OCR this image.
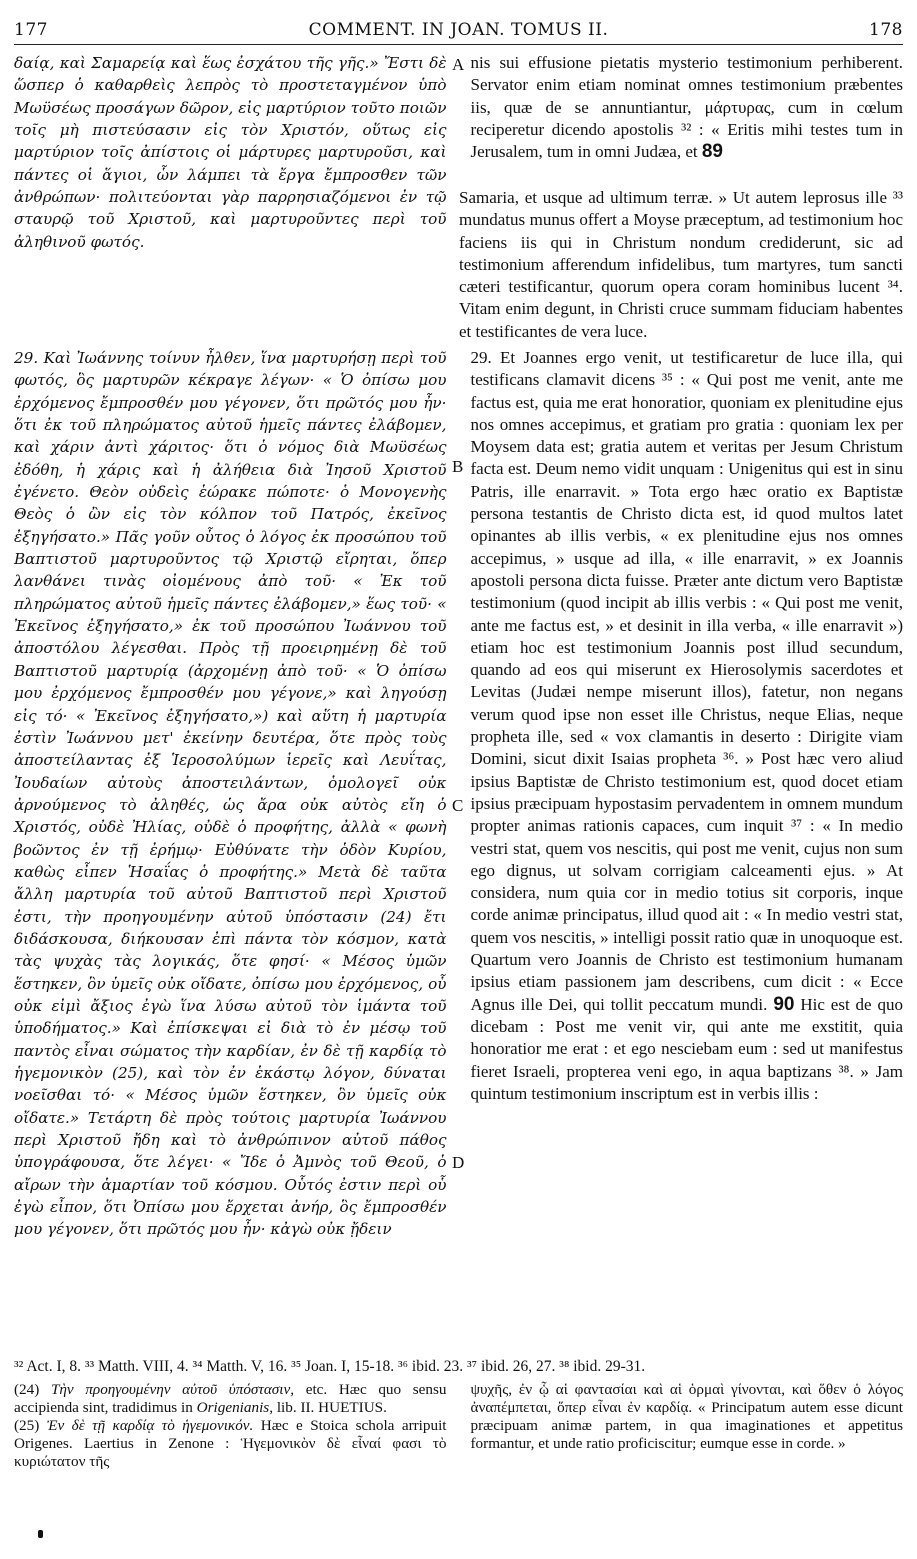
177	COMMENT. IN JOAN. TOMUS II.	178

δαίᾳ, καὶ Σαμαρείᾳ καὶ ἕως ἐσχάτου τῆς γῆς.» Ἔστι δὲ ὥσπερ ὁ καθαρθεὶς λεπρὸς τὸ προστεταγμένον ὑπὸ Μωϋσέως προσάγων δῶρον, εἰς μαρτύριον τοῦτο ποιῶν τοῖς μὴ πιστεύσασιν εἰς τὸν Χριστόν, οὕτως εἰς μαρτύριον τοῖς ἀπίστοις οἱ μάρτυρες μαρτυροῦσι, καὶ πάντες οἱ ἅγιοι, ὧν λάμπει τὰ ἔργα ἔμπροσθεν τῶν ἀνθρώπων· πολιτεύονται γὰρ παρρησιαζόμενοι ἐν τῷ σταυρῷ τοῦ Χριστοῦ, καὶ μαρτυροῦντες περὶ τοῦ ἀληθινοῦ φωτός.

nis sui effusione pietatis mysterio testimonium perhiberent. Servator enim etiam nominat omnes testimonium præbentes iis, quæ de se annuntiantur, μάρτυρας, cum in cœlum reciperetur dicendo apostolis ³² : « Eritis mihi testes tum in Jerusalem, tum in omni Judæa, et 89

Samaria, et usque ad ultimum terræ. » Ut autem leprosus ille ³³ mundatus munus offert a Moyse præceptum, ad testimonium hoc faciens iis qui in Christum nondum crediderunt, sic ad testimonium afferendum infidelibus, tum martyres, tum sancti cæteri testificantur, quorum opera coram hominibus lucent ³⁴. Vitam enim degunt, in Christi cruce summam fiduciam habentes et testificantes de vera luce.

29. Καὶ Ἰωάννης τοίνυν ἦλθεν, ἵνα μαρτυρήσῃ περὶ τοῦ φωτός, ὃς μαρτυρῶν κέκραγε λέγων· « Ὁ ὀπίσω μου ἐρχόμενος ἔμπροσθέν μου γέγονεν, ὅτι πρῶτός μου ἦν· ὅτι ἐκ τοῦ πληρώματος αὐτοῦ ἡμεῖς πάντες ἐλάβομεν, καὶ χάριν ἀντὶ χάριτος· ὅτι ὁ νόμος διὰ Μωϋσέως ἐδόθη, ἡ χάρις καὶ ἡ ἀλήθεια διὰ Ἰησοῦ Χριστοῦ ἐγένετο. Θεὸν οὐδεὶς ἑώρακε πώποτε· ὁ Μονογενὴς Θεὸς ὁ ὢν εἰς τὸν κόλπον τοῦ Πατρός, ἐκεῖνος ἐξηγήσατο.» Πᾶς γοῦν οὗτος ὁ λόγος ἐκ προσώπου τοῦ Βαπτιστοῦ μαρτυροῦντος τῷ Χριστῷ εἴρηται, ὅπερ λανθάνει τινὰς οἰομένους ἀπὸ τοῦ· « Ἐκ τοῦ πληρώματος αὐτοῦ ἡμεῖς πάντες ἐλάβομεν,» ἕως τοῦ· « Ἐκεῖνος ἐξηγήσατο,» ἐκ τοῦ προσώπου Ἰωάννου τοῦ ἀποστόλου λέγεσθαι. Πρὸς τῇ προειρημένῃ δὲ τοῦ Βαπτιστοῦ μαρτυρίᾳ (ἀρχομένῃ ἀπὸ τοῦ· « Ὁ ὀπίσω μου ἐρχόμενος ἔμπροσθέν μου γέγονε,» καὶ ληγούσῃ εἰς τό· « Ἐκεῖνος ἐξηγήσατο,») καὶ αὕτη ἡ μαρτυρία ἐστὶν Ἰωάννου μετ' ἐκείνην δευτέρα, ὅτε πρὸς τοὺς ἀποστείλαντας ἐξ Ἱεροσολύμων ἱερεῖς καὶ Λευΐτας, Ἰουδαίων αὐτοὺς ἀποστειλάντων, ὁμολογεῖ οὐκ ἀρνούμενος τὸ ἀληθές, ὡς ἄρα οὐκ αὐτὸς εἴη ὁ Χριστός, οὐδὲ Ἠλίας, οὐδὲ ὁ προφήτης, ἀλλὰ « φωνὴ βοῶντος ἐν τῇ ἐρήμῳ· Εὐθύνατε τὴν ὁδὸν Κυρίου, καθὼς εἶπεν Ἡσαΐας ὁ προφήτης.» Μετὰ δὲ ταῦτα ἄλλη μαρτυρία τοῦ αὐτοῦ Βαπτιστοῦ περὶ Χριστοῦ ἐστι, τὴν προηγουμένην αὐτοῦ ὑπόστασιν (24) ἔτι διδάσκουσα, διήκουσαν ἐπὶ πάντα τὸν κόσμον, κατὰ τὰς ψυχὰς τὰς λογικάς, ὅτε φησί· « Μέσος ὑμῶν ἕστηκεν, ὃν ὑμεῖς οὐκ οἴδατε, ὀπίσω μου ἐρχόμενος, οὗ οὐκ εἰμὶ ἄξιος ἐγὼ ἵνα λύσω αὐτοῦ τὸν ἱμάντα τοῦ ὑποδήματος.» Καὶ ἐπίσκεψαι εἰ διὰ τὸ ἐν μέσῳ τοῦ παντὸς εἶναι σώματος τὴν καρδίαν, ἐν δὲ τῇ καρδίᾳ τὸ ἡγεμονικὸν (25), καὶ τὸν ἐν ἑκάστῳ λόγον, δύναται νοεῖσθαι τό· « Μέσος ὑμῶν ἕστηκεν, ὃν ὑμεῖς οὐκ οἴδατε.» Τετάρτη δὲ πρὸς τούτοις μαρτυρία Ἰωάννου περὶ Χριστοῦ ἤδη καὶ τὸ ἀνθρώπινον αὐτοῦ πάθος ὑπογράφουσα, ὅτε λέγει· « Ἴδε ὁ Ἀμνὸς τοῦ Θεοῦ, ὁ αἴρων τὴν ἁμαρτίαν τοῦ κόσμου. Οὗτός ἐστιν περὶ οὗ ἐγὼ εἶπον, ὅτι Ὀπίσω μου ἔρχεται ἀνήρ, ὃς ἔμπροσθέν μου γέγονεν, ὅτι πρῶτός μου ἦν· κἀγὼ οὐκ ᾔδειν

29. Et Joannes ergo venit, ut testificaretur de luce illa, qui testificans clamavit dicens ³⁵ : « Qui post me venit, ante me factus est, quia me erat honoratior, quoniam ex plenitudine ejus nos omnes accepimus, et gratiam pro gratia : quoniam lex per Moysem data est; gratia autem et veritas per Jesum Christum facta est. Deum nemo vidit unquam : Unigenitus qui est in sinu Patris, ille enarravit. » Tota ergo hæc oratio ex Baptistæ persona testantis de Christo dicta est, id quod multos latet opinantes ab illis verbis, « ex plenitudine ejus nos omnes accepimus, » usque ad illa, « ille enarravit, » ex Joannis apostoli persona dicta fuisse. Præter ante dictum vero Baptistæ testimonium (quod incipit ab illis verbis : « Qui post me venit, ante me factus est, » et desinit in illa verba, « ille enarravit ») etiam hoc est testimonium Joannis post illud secundum, quando ad eos qui miserunt ex Hierosolymis sacerdotes et Levitas (Judæi nempe miserunt illos), fatetur, non negans verum quod ipse non esset ille Christus, neque Elias, neque propheta ille, sed « vox clamantis in deserto : Dirigite viam Domini, sicut dixit Isaias propheta ³⁶. » Post hæc vero aliud ipsius Baptistæ de Christo testimonium est, quod docet etiam ipsius præcipuam hypostasim pervadentem in omnem mundum propter animas rationis capaces, cum inquit ³⁷ : « In medio vestri stat, quem vos nescitis, qui post me venit, cujus non sum ego dignus, ut solvam corrigiam calceamenti ejus. » At considera, num quia cor in medio totius sit corporis, inque corde animæ principatus, illud quod ait : « In medio vestri stat, quem vos nescitis, » intelligi possit ratio quæ in unoquoque est. Quartum vero Joannis de Christo est testimonium humanam ipsius etiam passionem jam describens, cum dicit : « Ecce Agnus ille Dei, qui tollit peccatum mundi. 90 Hic est de quo dicebam : Post me venit vir, qui ante me exstitit, quia honoratior me erat : et ego nesciebam eum : sed ut manifestus fieret Israeli, propterea veni ego, in aqua baptizans ³⁸. » Jam quintum testimonium inscriptum est in verbis illis :

A
B
C
D
³² Act. I, 8. ³³ Matth. VIII, 4. ³⁴ Matth. V, 16. ³⁵ Joan. I, 15-18. ³⁶ ibid. 23. ³⁷ ibid. 26, 27. ³⁸ ibid. 29-31.

(24) Τὴν προηγουμένην αὐτοῦ ὑπόστασιν, etc. Hæc quo sensu accipienda sint, tradidimus in Origenianis, lib. II. HUETIUS.

(25) Ἐν δὲ τῇ καρδίᾳ τὸ ἡγεμονικόν. Hæc e Stoica schola arripuit Origenes. Laertius in Zenone : Ἡγεμονικὸν δὲ εἶναί φασι τὸ κυριώτατον τῆς

ψυχῆς, ἐν ᾧ αἱ φαντασίαι καὶ αἱ ὁρμαὶ γίνονται, καὶ ὅθεν ὁ λόγος ἀναπέμπεται, ὅπερ εἶναι ἐν καρδίᾳ. « Principatum autem esse dicunt præcipuam animæ partem, in qua imaginationes et appetitus formantur, et unde ratio proficiscitur; eumque esse in corde. »
